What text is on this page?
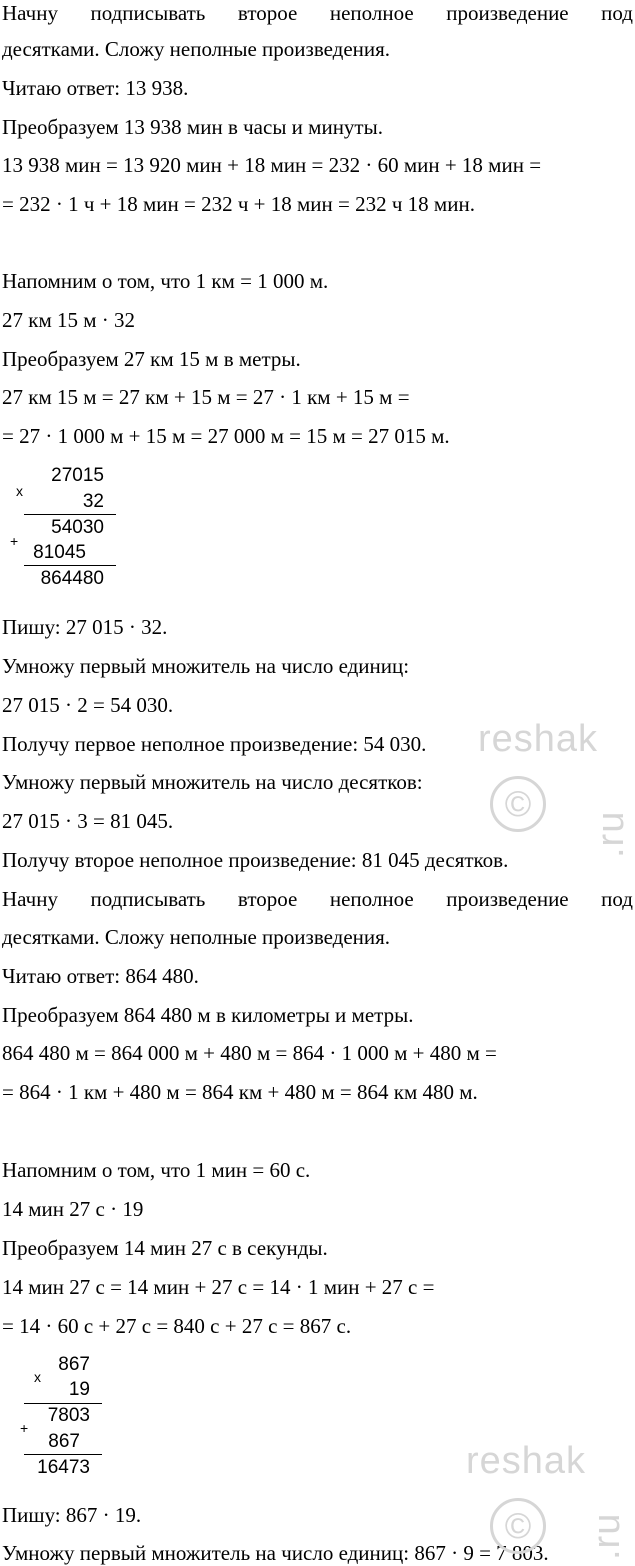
Начну подписывать второе неполное произведение под
десятками. Сложу неполные произведения.
Читаю ответ: 13 938.
Преобразуем 13 938 мин в часы и минуты.
13 938 мин = 13 920 мин + 18 мин = 232 · 60 мин + 18 мин =
= 232 · 1 ч + 18 мин = 232 ч + 18 мин = 232 ч 18 мин.
Напомним о том, что 1 км = 1 000 м.
27 км 15 м · 32
Преобразуем 27 км 15 м в метры.
27 км 15 м = 27 км + 15 м = 27 · 1 км + 15 м =
= 27 · 1 000 м + 15 м = 27 000 м = 15 м = 27 015 м.
x
27015
32
+
54030
81045
864480
Пишу: 27 015 · 32.
Умножу первый множитель на число единиц:
27 015 · 2 = 54 030.
Получу первое неполное произведение: 54 030.
Умножу первый множитель на число десятков:
27 015 · 3 = 81 045.
Получу второе неполное произведение: 81 045 десятков.
Начну подписывать второе неполное произведение под
десятками. Сложу неполные произведения.
Читаю ответ: 864 480.
Преобразуем 864 480 м в километры и метры.
864 480 м = 864 000 м + 480 м = 864 · 1 000 м + 480 м =
= 864 · 1 км + 480 м = 864 км + 480 м = 864 км 480 м.
Напомним о том, что 1 мин = 60 с.
14 мин 27 с · 19
Преобразуем 14 мин 27 с в секунды.
14 мин 27 с = 14 мин + 27 с = 14 · 1 мин + 27 с =
= 14 · 60 с + 27 с = 840 с + 27 с = 867 с.
x
867
19
+
7803
867
16473
Пишу: 867 · 19.
Умножу первый множитель на число единиц: 867 · 9 = 7 803.
reshak
©
.ru
reshak
©	.ru
